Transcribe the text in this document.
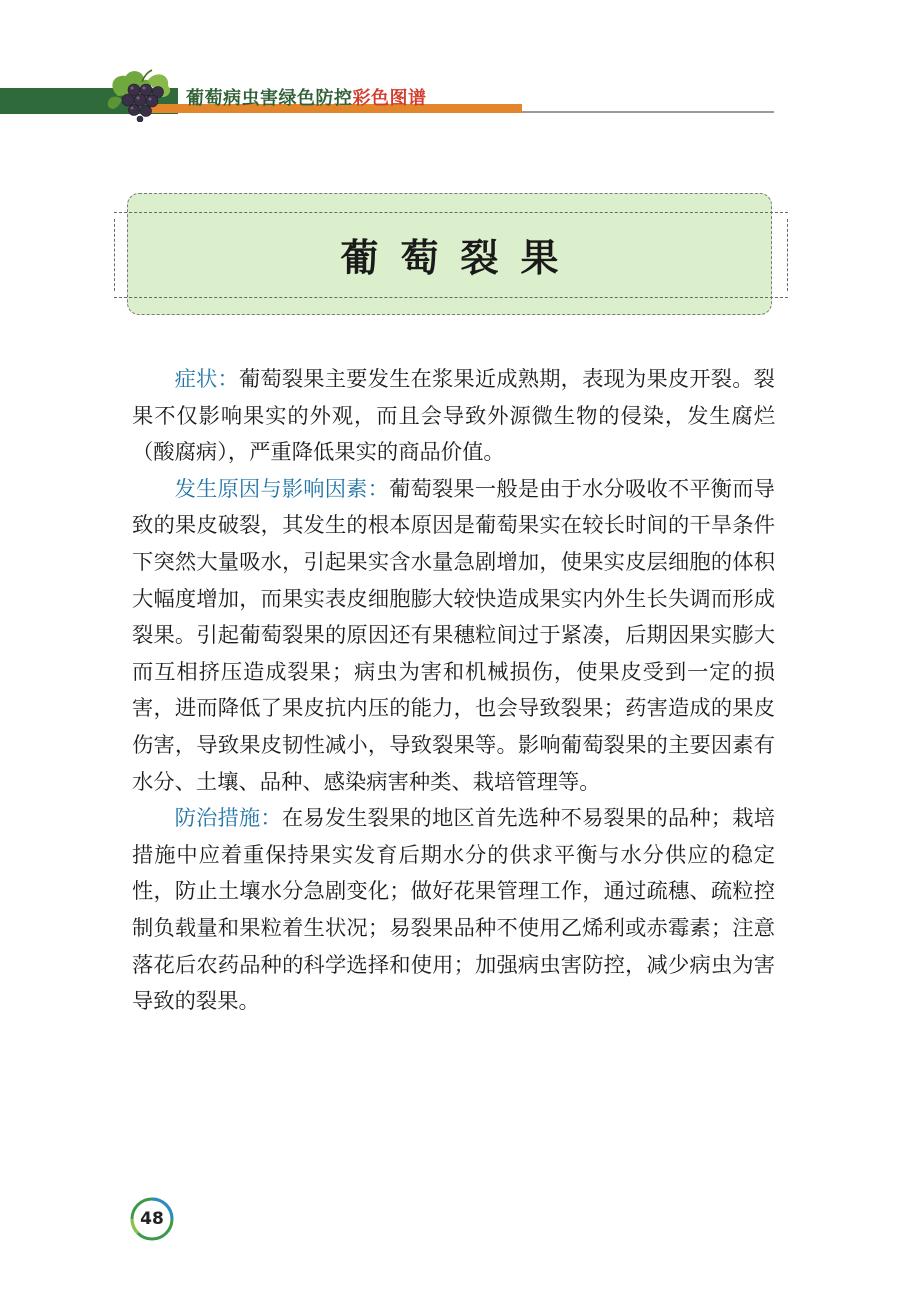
葡萄病虫害绿色防控彩色图谱
葡萄裂果

症状：葡萄裂果主要发生在浆果近成熟期，表现为果皮开裂。裂果不仅影响果实的外观，而且会导致外源微生物的侵染，发生腐烂（酸腐病），严重降低果实的商品价值。

发生原因与影响因素：葡萄裂果一般是由于水分吸收不平衡而导致的果皮破裂，其发生的根本原因是葡萄果实在较长时间的干旱条件下突然大量吸水，引起果实含水量急剧增加，使果实皮层细胞的体积大幅度增加，而果实表皮细胞膨大较快造成果实内外生长失调而形成裂果。引起葡萄裂果的原因还有果穗粒间过于紧凑，后期因果实膨大而互相挤压造成裂果；病虫为害和机械损伤，使果皮受到一定的损害，进而降低了果皮抗内压的能力，也会导致裂果；药害造成的果皮伤害，导致果皮韧性减小，导致裂果等。影响葡萄裂果的主要因素有水分、土壤、品种、感染病害种类、栽培管理等。

防治措施：在易发生裂果的地区首先选种不易裂果的品种；栽培措施中应着重保持果实发育后期水分的供求平衡与水分供应的稳定性，防止土壤水分急剧变化；做好花果管理工作，通过疏穗、疏粒控制负载量和果粒着生状况；易裂果品种不使用乙烯利或赤霉素；注意落花后农药品种的科学选择和使用；加强病虫害防控，减少病虫为害导致的裂果。

48
